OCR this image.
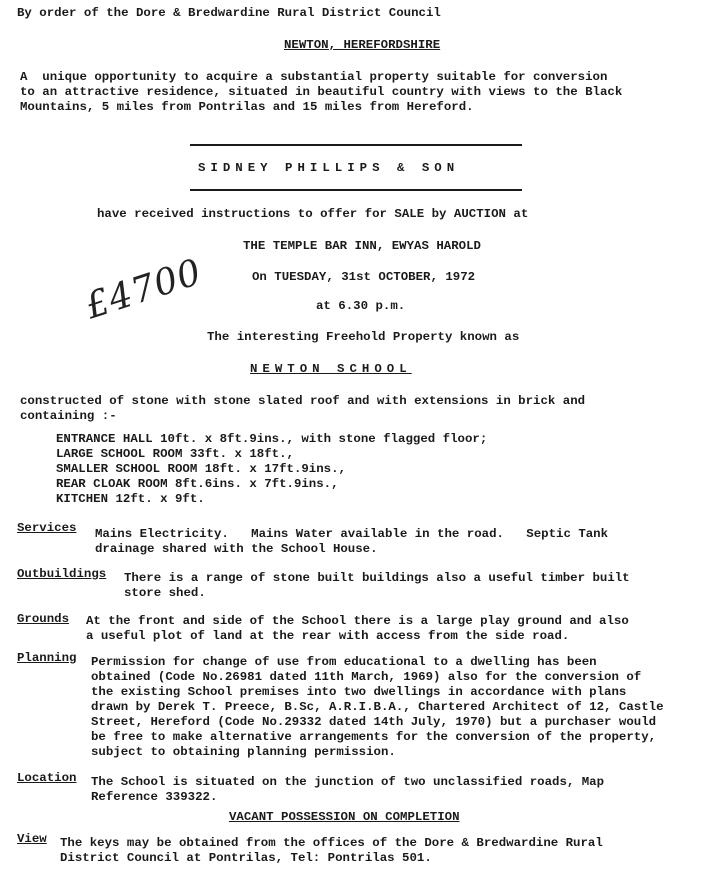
By order of the Dore & Bredwardine Rural District Council
NEWTON, HEREFORDSHIRE
A  unique opportunity to acquire a substantial property suitable for conversion
to an attractive residence, situated in beautiful country with views to the Black
Mountains, 5 miles from Pontrilas and 15 miles from Hereford.
SIDNEY PHILLIPS & SON
have received instructions to offer for SALE by AUCTION at
THE TEMPLE BAR INN, EWYAS HAROLD
On TUESDAY, 31st OCTOBER, 1972
at 6.30 p.m.
The interesting Freehold Property known as
£4700
NEWTON SCHOOL
constructed of stone with stone slated roof and with extensions in brick and
containing :-
ENTRANCE HALL 10ft. x 8ft.9ins., with stone flagged floor;
LARGE SCHOOL ROOM 33ft. x 18ft.,
SMALLER SCHOOL ROOM 18ft. x 17ft.9ins.,
REAR CLOAK ROOM 8ft.6ins. x 7ft.9ins.,
KITCHEN 12ft. x 9ft.
Services Mains Electricity.   Mains Water available in the road.   Septic Tank
drainage shared with the School House.
Outbuildings There is a range of stone built buildings also a useful timber built
store shed.
Grounds At the front and side of the School there is a large play ground and also
a useful plot of land at the rear with access from the side road.
Planning Permission for change of use from educational to a dwelling has been
obtained (Code No.26981 dated 11th March, 1969) also for the conversion of
the existing School premises into two dwellings in accordance with plans
drawn by Derek T. Preece, B.Sc, A.R.I.B.A., Chartered Architect of 12, Castle
Street, Hereford (Code No.29332 dated 14th July, 1970) but a purchaser would
be free to make alternative arrangements for the conversion of the property,
subject to obtaining planning permission.
Location The School is situated on the junction of two unclassified roads, Map
Reference 339322.
VACANT POSSESSION ON COMPLETION
View The keys may be obtained from the offices of the Dore & Bredwardine Rural
District Council at Pontrilas, Tel: Pontrilas 501.
